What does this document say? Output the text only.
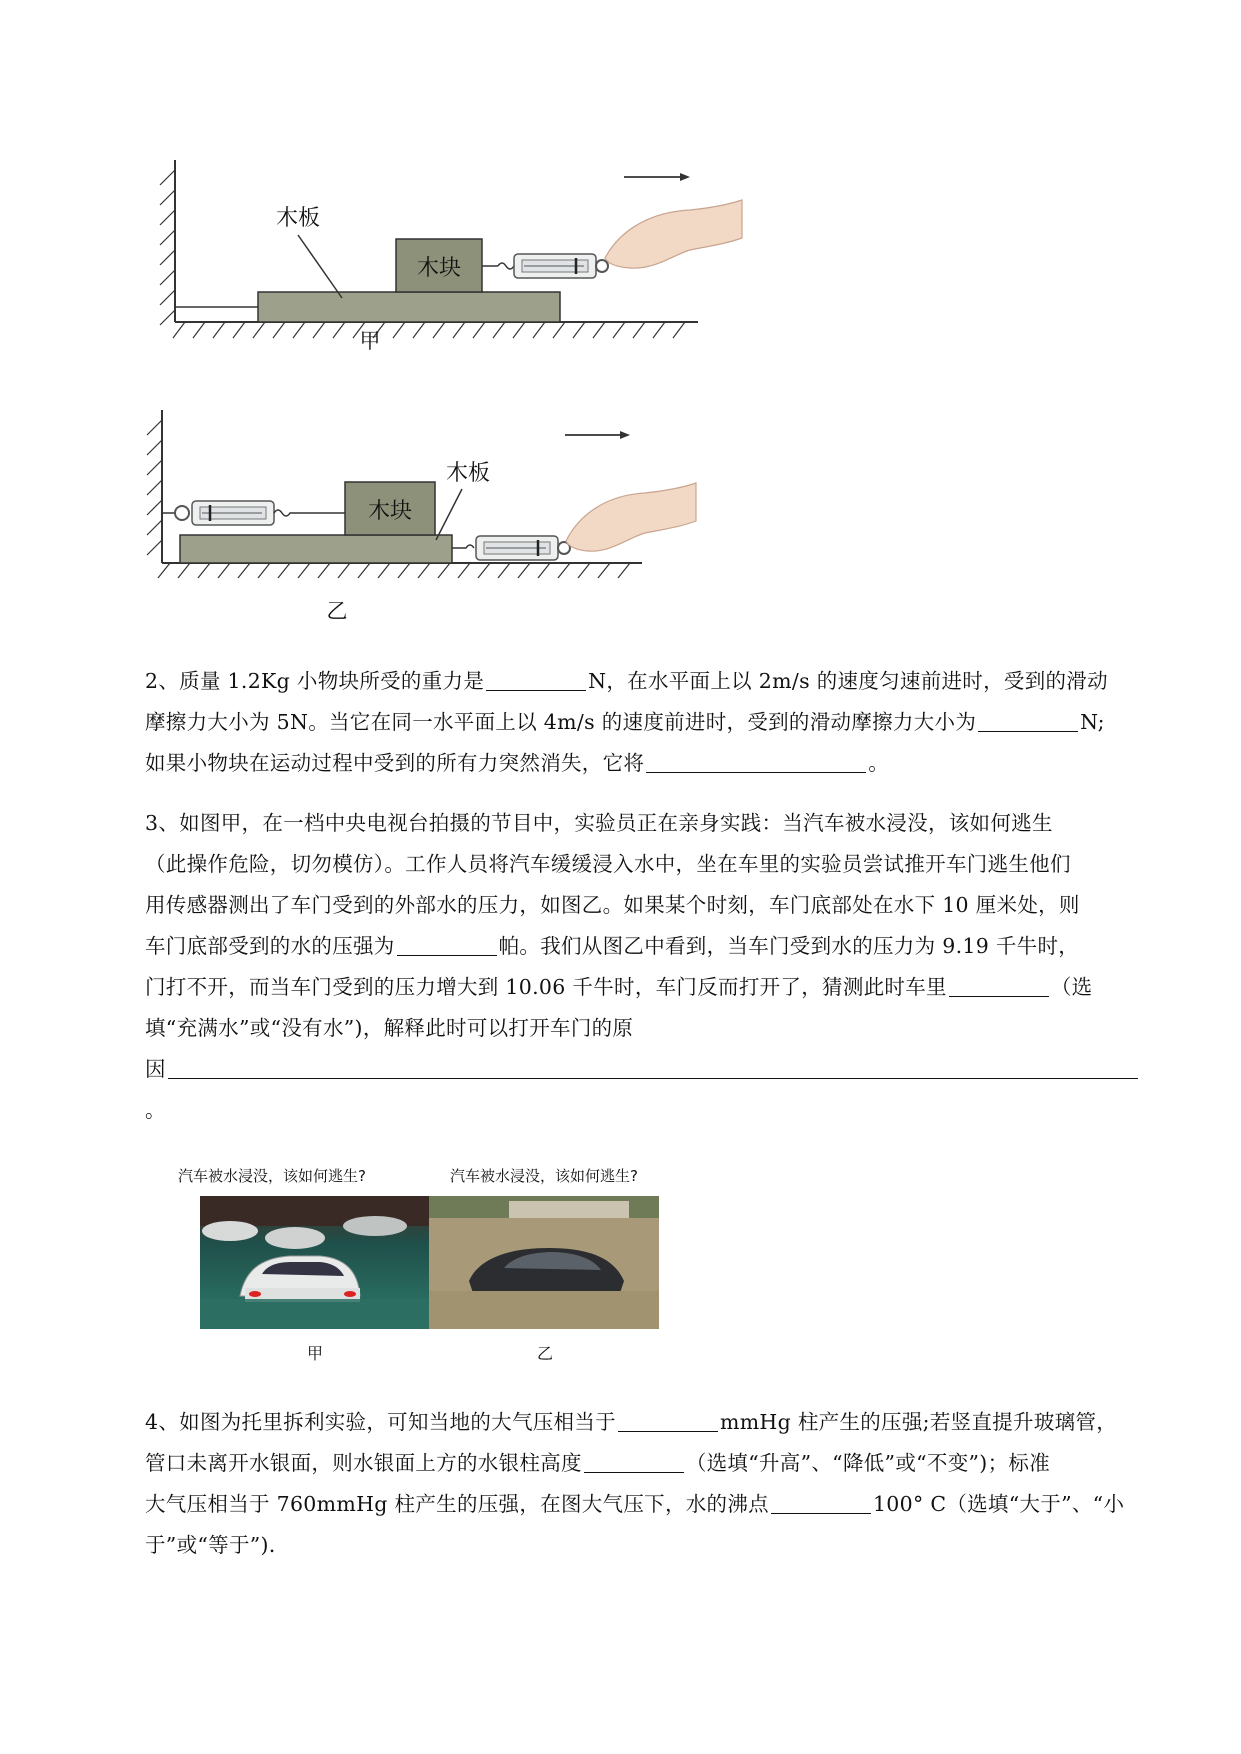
木块
木板
甲
木块
木板
乙

2、质量 1.2Kg 小物块所受的重力是	N，在水平面上以 2m/s 的速度匀速前进时，受到的滑动

摩擦力大小为 5N。当它在同一水平面上以 4m/s 的速度前进时，受到的滑动摩擦力大小为	N;

如果小物块在运动过程中受到的所有力突然消失，它将	。

3、如图甲，在一档中央电视台拍摄的节目中，实验员正在亲身实践：当汽车被水浸没，该如何逃生

（此操作危险，切勿模仿）。工作人员将汽车缓缓浸入水中，坐在车里的实验员尝试推开车门逃生他们

用传感器测出了车门受到的外部水的压力，如图乙。如果某个时刻，车门底部处在水下 10 厘米处，则

车门底部受到的水的压强为	帕。我们从图乙中看到，当车门受到水的压力为 9.19 千牛时，

门打不开，而当车门受到的压力增大到 10.06 千牛时，车门反而打开了，猜测此时车里	（选

填“充满水”或“没有水”)，解释此时可以打开车门的原

因

。

汽车被水浸没，该如何逃生?	汽车被水浸没，该如何逃生?
甲	乙

4、如图为托里拆利实验，可知当地的大气压相当于	mmHg 柱产生的压强;若竖直提升玻璃管，

管口未离开水银面，则水银面上方的水银柱高度	（选填“升高”、“降低”或“不变”)；标准

大气压相当于 760mmHg 柱产生的压强，在图大气压下，水的沸点	100° C（选填“大于”、“小

于”或“等于”)．
